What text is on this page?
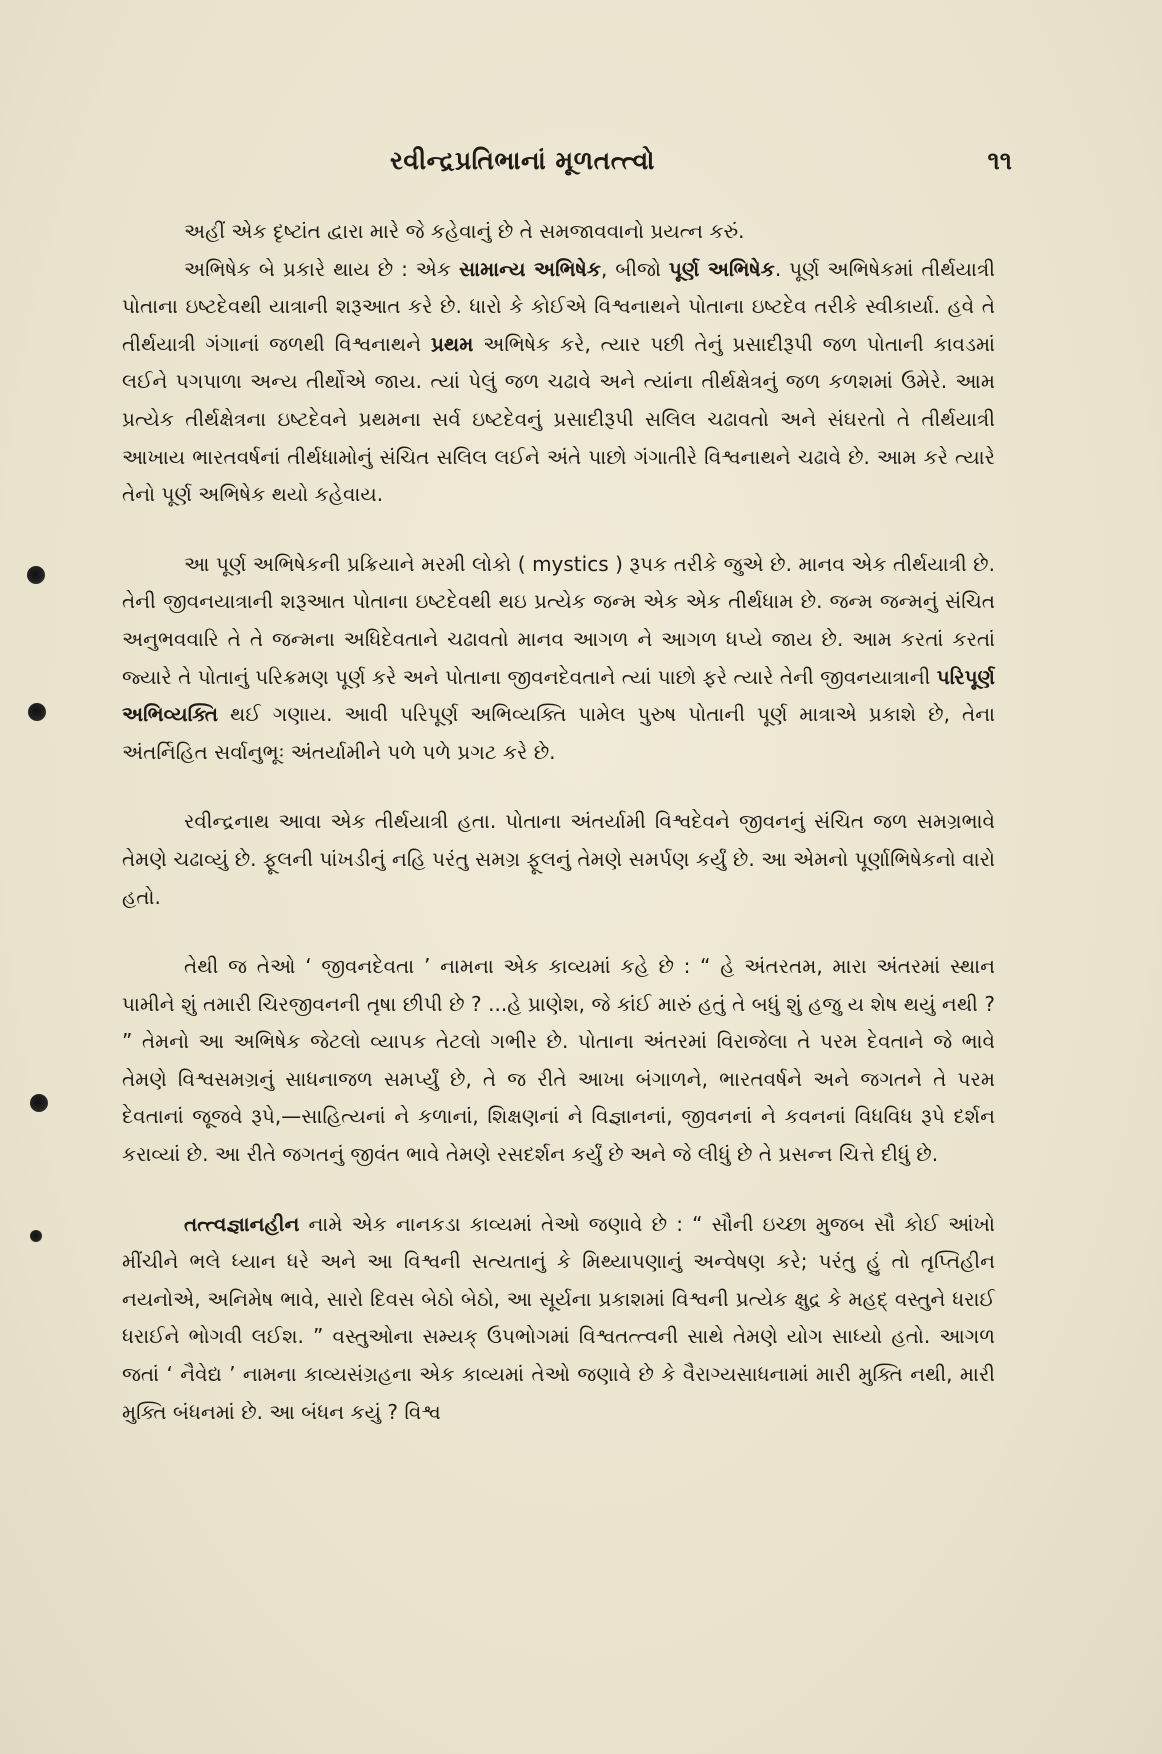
રવીન્દ્રપ્રતિભાનાં મૂળતત્ત્વો	૧૧

અહીં એક દૃષ્ટાંત દ્વારા મારે જે કહેવાનું છે તે સમજાવવાનો પ્રયત્ન કરું.

અભિષેક બે પ્રકારે થાય છે : એક સામાન્ય અભિષેક, બીજો પૂર્ણ અભિષેક. પૂર્ણ અભિષેકમાં તીર્થયાત્રી પોતાના ઇષ્ટદેવથી યાત્રાની શરૂઆત કરે છે. ધારો કે કોઈએ વિશ્વનાથને પોતાના ઇષ્ટદેવ તરીકે સ્વીકાર્યા. હવે તે તીર્થયાત્રી ગંગાનાં જળથી વિશ્વનાથને પ્રથમ અભિષેક કરે, ત્યાર પછી તેનું પ્રસાદીરૂપી જળ પોતાની કાવડમાં લઈને પગપાળા અન્ય તીર્થોએ જાય. ત્યાં પેલું જળ ચઢાવે અને ત્યાંના તીર્થક્ષેત્રનું જળ કળશમાં ઉમેરે. આમ પ્રત્યેક તીર્થક્ષેત્રના ઇષ્ટદેવને પ્રથમના સર્વ ઇષ્ટદેવનું પ્રસાદીરૂપી સલિલ ચઢાવતો અને સંઘરતો તે તીર્થયાત્રી આખાય ભારતવર્ષનાં તીર્થધામોનું સંચિત સલિલ લઈને અંતે પાછો ગંગાતીરે વિશ્વનાથને ચઢાવે છે. આમ કરે ત્યારે તેનો પૂર્ણ અભિષેક થયો કહેવાય.

આ પૂર્ણ અભિષેકની પ્રક્રિયાને મરમી લોકો ( mystics ) રૂપક તરીકે જુએ છે. માનવ એક તીર્થયાત્રી છે. તેની જીવનયાત્રાની શરૂઆત પોતાના ઇષ્ટદેવથી થઇ પ્રત્યેક જન્મ એક એક તીર્થધામ છે. જન્મ જન્મનું સંચિત અનુભવવારિ તે તે જન્મના અધિદેવતાને ચઢાવતો માનવ આગળ ને આગળ ધપ્યે જાય છે. આમ કરતાં કરતાં જ્યારે તે પોતાનું પરિક્રમણ પૂર્ણ કરે અને પોતાના જીવનદેવતાને ત્યાં પાછો ફરે ત્યારે તેની જીવનયાત્રાની પરિપૂર્ણ અભિવ્યક્તિ થઈ ગણાય. આવી પરિપૂર્ણ અભિવ્યક્તિ પામેલ પુરુષ પોતાની પૂર્ણ માત્રાએ પ્રકાશે છે, તેના અંતર્નિહિત સર્વાનુભૂઃ અંતર્યામીને પળે પળે પ્રગટ કરે છે.

રવીન્દ્રનાથ આવા એક તીર્થયાત્રી હતા. પોતાના અંતર્યામી વિશ્વદેવને જીવનનું સંચિત જળ સમગ્રભાવે તેમણે ચઢાવ્યું છે. ફૂલની પાંખડીનું નહિ પરંતુ સમગ્ર ફૂલનું તેમણે સમર્પણ કર્યું છે. આ એમનો પૂર્ણાભિષેકનો વારો હતો.

તેથી જ તેઓ ‘ જીવનદેવતા ’ નામના એક કાવ્યમાં કહે છે : “ હે અંતરતમ, મારા અંતરમાં સ્થાન પામીને શું તમારી ચિરજીવનની તૃષા છીપી છે ? ...હે પ્રાણેશ, જે કાંઈ મારું હતું તે બધું શું હજુ ય શેષ થયું નથી ? ” તેમનો આ અભિષેક જેટલો વ્યાપક તેટલો ગભીર છે. પોતાના અંતરમાં વિરાજેલા તે પરમ દેવતાને જે ભાવે તેમણે વિશ્વસમગ્રનું સાધનાજળ સમર્પ્યું છે, તે જ રીતે આખા બંગાળને, ભારતવર્ષને અને જગતને તે પરમ દેવતાનાં જૂજવે રૂપે,—સાહિત્યનાં ને કળાનાં, શિક્ષણનાં ને વિજ્ઞાનનાં, જીવનનાં ને કવનનાં વિધવિધ રૂપે દર્શન કરાવ્યાં છે. આ રીતે જગતનું જીવંત ભાવે તેમણે રસદર્શન કર્યું છે અને જે લીધું છે તે પ્રસન્ન ચિત્તે દીધું છે.

તત્ત્વજ્ઞાનહીન નામે એક નાનકડા કાવ્યમાં તેઓ જણાવે છે : “ સૌની ઇચ્છા મુજબ સૌ કોઈ આંખો મીંચીને ભલે ધ્યાન ધરે અને આ વિશ્વની સત્યતાનું કે મિથ્યાપણાનું અન્વેષણ કરે; પરંતુ હું તો તૃપ્તિહીન નયનોએ, અનિમેષ ભાવે, સારો દિવસ બેઠો બેઠો, આ સૂર્યના પ્રકાશમાં વિશ્વની પ્રત્યેક ક્ષુદ્ર કે મહદ્ વસ્તુને ધરાઈ ધરાઈને ભોગવી લઈશ. ” વસ્તુઓના સમ્યક્ ઉપભોગમાં વિશ્વતત્ત્વની સાથે તેમણે યોગ સાધ્યો હતો. આગળ જતાં ‘ નૈવેદ્ય ’ નામના કાવ્યસંગ્રહના એક કાવ્યમાં તેઓ જણાવે છે કે વૈરાગ્યસાધનામાં મારી મુક્તિ નથી, મારી મુક્તિ બંધનમાં છે. આ બંધન કયું ? વિશ્વ
